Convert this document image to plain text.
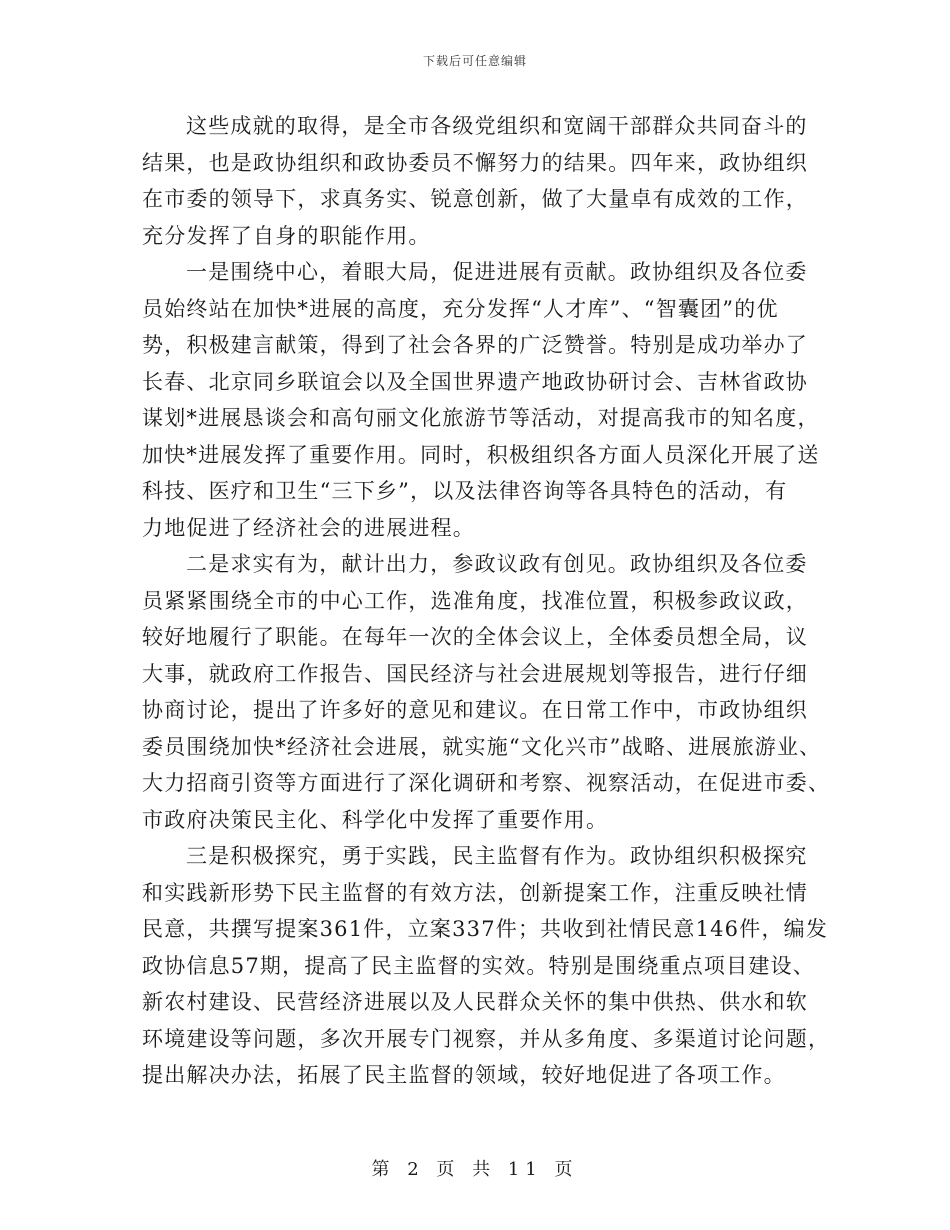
下载后可任意编辑
这些成就的取得，是全市各级党组织和宽阔干部群众共同奋斗的
结果，也是政协组织和政协委员不懈努力的结果。四年来，政协组织
在市委的领导下，求真务实、锐意创新，做了大量卓有成效的工作，
充分发挥了自身的职能作用。
一是围绕中心，着眼大局，促进进展有贡献。政协组织及各位委
员始终站在加快*进展的高度，充分发挥“人才库”、“智囊团”的优
势，积极建言献策，得到了社会各界的广泛赞誉。特别是成功举办了
长春、北京同乡联谊会以及全国世界遗产地政协研讨会、吉林省政协
谋划*进展恳谈会和高句丽文化旅游节等活动，对提高我市的知名度，
加快*进展发挥了重要作用。同时，积极组织各方面人员深化开展了送
科技、医疗和卫生“三下乡”，以及法律咨询等各具特色的活动，有
力地促进了经济社会的进展进程。
二是求实有为，献计出力，参政议政有创见。政协组织及各位委
员紧紧围绕全市的中心工作，选准角度，找准位置，积极参政议政，
较好地履行了职能。在每年一次的全体会议上，全体委员想全局，议
大事，就政府工作报告、国民经济与社会进展规划等报告，进行仔细
协商讨论，提出了许多好的意见和建议。在日常工作中，市政协组织
委员围绕加快*经济社会进展，就实施“文化兴市”战略、进展旅游业、
大力招商引资等方面进行了深化调研和考察、视察活动，在促进市委、
市政府决策民主化、科学化中发挥了重要作用。
三是积极探究，勇于实践，民主监督有作为。政协组织积极探究
和实践新形势下民主监督的有效方法，创新提案工作，注重反映社情
民意，共撰写提案361件，立案337件；共收到社情民意146件，编发
政协信息57期，提高了民主监督的实效。特别是围绕重点项目建设、
新农村建设、民营经济进展以及人民群众关怀的集中供热、供水和软
环境建设等问题，多次开展专门视察，并从多角度、多渠道讨论问题，
提出解决办法，拓展了民主监督的领域，较好地促进了各项工作。
第 2 页 共 11 页
